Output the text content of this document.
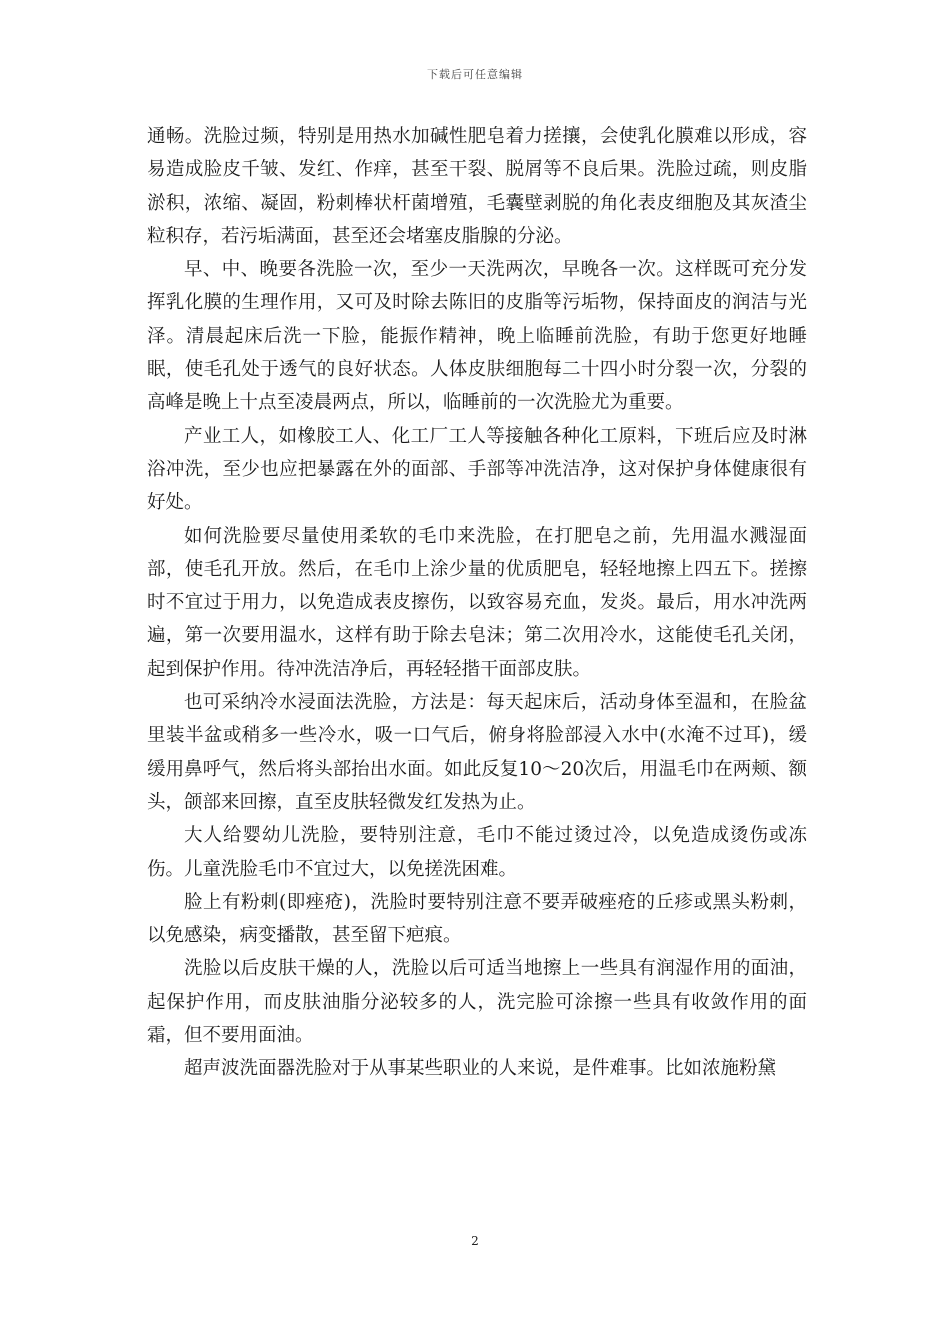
下载后可任意编辑

通畅。洗脸过频，特别是用热水加碱性肥皂着力搓攘，会使乳化膜难以形成，容易造成脸皮千皱、发红、作痒，甚至干裂、脱屑等不良后果。洗脸过疏，则皮脂淤积，浓缩、凝固，粉刺棒状杆菌增殖，毛囊壁剥脱的角化表皮细胞及其灰渣尘粒积存，若污垢满面，甚至还会堵塞皮脂腺的分泌。

早、中、晚要各洗脸一次，至少一天洗两次，早晚各一次。这样既可充分发挥乳化膜的生理作用，又可及时除去陈旧的皮脂等污垢物，保持面皮的润洁与光泽。清晨起床后洗一下脸，能振作精神，晚上临睡前洗脸，有助于您更好地睡眠，使毛孔处于透气的良好状态。人体皮肤细胞每二十四小时分裂一次，分裂的高峰是晚上十点至凌晨两点，所以，临睡前的一次洗脸尤为重要。

产业工人，如橡胶工人、化工厂工人等接触各种化工原料，下班后应及时淋浴冲洗，至少也应把暴露在外的面部、手部等冲洗洁净，这对保护身体健康很有好处。

如何洗脸要尽量使用柔软的毛巾来洗脸，在打肥皂之前，先用温水溅湿面部，使毛孔开放。然后，在毛巾上涂少量的优质肥皂，轻轻地擦上四五下。搓擦时不宜过于用力，以免造成表皮擦伤，以致容易充血，发炎。最后，用水冲洗两遍，第一次要用温水，这样有助于除去皂沫；第二次用冷水，这能使毛孔关闭，起到保护作用。待冲洗洁净后，再轻轻揩干面部皮肤。

也可采纳冷水浸面法洗脸，方法是：每天起床后，活动身体至温和，在脸盆里装半盆或稍多一些冷水，吸一口气后，俯身将脸部浸入水中(水淹不过耳)，缓缓用鼻呼气，然后将头部抬出水面。如此反复10～20次后，用温毛巾在两颊、额头，颌部来回擦，直至皮肤轻微发红发热为止。

大人给婴幼儿洗脸，要特别注意，毛巾不能过烫过冷，以免造成烫伤或冻伤。儿童洗脸毛巾不宜过大，以免搓洗困难。

脸上有粉刺(即痤疮)，洗脸时要特别注意不要弄破痤疮的丘疹或黑头粉刺，以免感染，病变播散，甚至留下疤痕。

洗脸以后皮肤干燥的人，洗脸以后可适当地擦上一些具有润湿作用的面油，起保护作用，而皮肤油脂分泌较多的人，洗完脸可涂擦一些具有收敛作用的面霜，但不要用面油。

超声波洗面器洗脸对于从事某些职业的人来说，是件难事。比如浓施粉黛

2
